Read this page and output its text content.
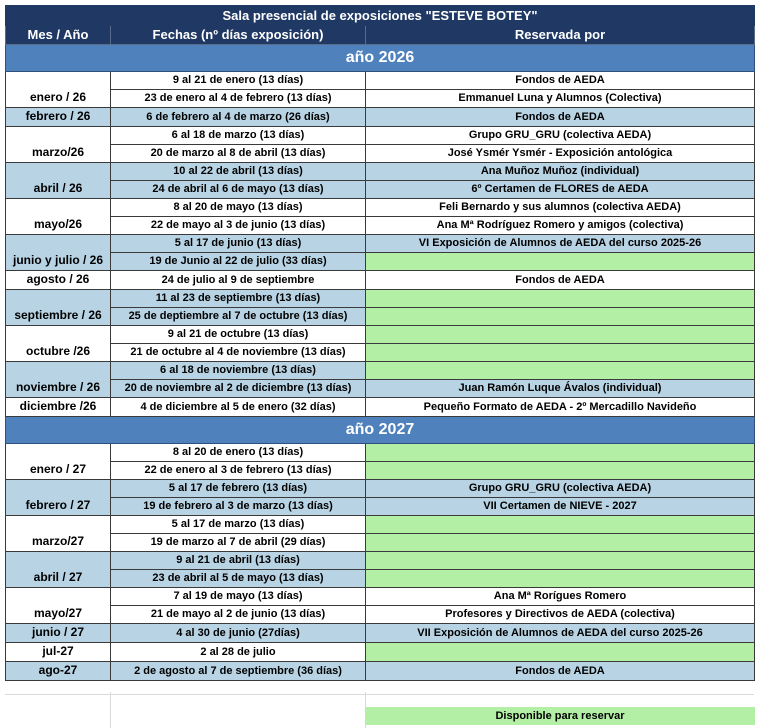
Sala presencial de exposiciones "ESTEVE BOTEY"		
Mes / Año	Fechas (nº días exposición)	Reservada por
año 2026		
enero / 26	9 al 21 de enero (13 días)	Fondos de AEDA
	23 de enero al 4 de febrero (13 días)	Emmanuel Luna y Alumnos (Colectiva)
febrero / 26	6 de febrero al 4 de marzo (26 días)	Fondos de AEDA
marzo/26	6 al 18 de marzo (13 días)	Grupo GRU_GRU (colectiva AEDA)
	20 de marzo al 8 de abril (13 días)	José Ysmér Ysmér - Exposición antológica
abril / 26	10 al 22 de abril (13 días)	Ana Muñoz Muñoz (individual)
	24 de abril al 6 de mayo (13 días)	6º Certamen de FLORES de AEDA
mayo/26	8 al 20 de mayo (13 días)	Feli Bernardo y sus alumnos (colectiva AEDA)
	22 de mayo al 3 de junio (13 días)	Ana Mª Rodríguez Romero y amigos (colectiva)
junio y julio / 26	5 al 17 de junio (13 días)	VI Exposición de Alumnos de AEDA del curso 2025-26
	19 de Junio al 22 de julio (33 días)	
agosto / 26	24 de julio al 9 de septiembre	Fondos de AEDA
septiembre / 26	11 al 23 de septiembre (13 días)	
	25 de deptiembre al 7 de octubre (13 días)	
octubre /26	9 al 21 de octubre (13 días)	
	21 de octubre al 4 de noviembre (13 días)	
noviembre / 26	6 al 18 de noviembre (13 días)	
	20 de noviembre al 2 de diciembre (13 días)	Juan Ramón Luque Ávalos (individual)
diciembre /26	4 de diciembre al 5 de enero (32 días)	Pequeño Formato de AEDA - 2º Mercadillo Navideño
año 2027		
enero / 27	8 al 20 de enero (13 días)	
	22 de enero al 3 de febrero (13 días)	
febrero / 27	5 al 17 de febrero (13 días)	Grupo GRU_GRU (colectiva AEDA)
	19 de febrero al 3 de marzo (13 días)	VII Certamen de NIEVE - 2027
marzo/27	5 al 17 de marzo (13 días)	
	19 de marzo al 7 de abril (29 días)	
abril / 27	9 al 21 de abril (13 días)	
	23 de abril al 5 de mayo (13 días)	
mayo/27	7 al 19 de mayo (13 días)	Ana Mª Rorígues Romero
	21 de mayo al 2 de junio (13 días)	Profesores y Directivos de AEDA (colectiva)
junio / 27	4 al 30 de junio (27días)	VII Exposición de Alumnos de AEDA del curso 2025-26
jul-27	2 al 28 de julio	
ago-27	2 de agosto al 7 de septiembre (36 días)	Fondos de AEDA
Disponible para reservar
